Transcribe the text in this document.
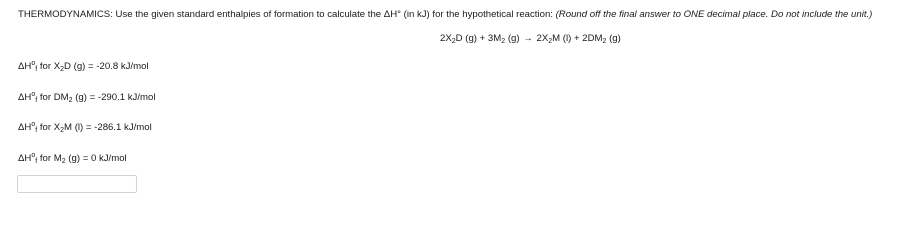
THERMODYNAMICS: Use the given standard enthalpies of formation to calculate the ΔH° (in kJ) for the hypothetical reaction: (Round off the final answer to ONE decimal place. Do not include the unit.)
$2X_2D$ $(g) + 3M_2$ $(g) \to 2X_2M$ $(l) + 2DM_2$ (g)
$\Delta H^o_f$ for $X_2D$ (g) = -20.8 kJ/mol
$\Delta H^o_f$ for $DM_2$ (g) = -290.1 kJ/mol
$\Delta H^o_f$ for $X_2M$ (l) = -286.1 kJ/mol
$\Delta H^o_f$ for $M_2$ (g) = 0 kJ/mol
